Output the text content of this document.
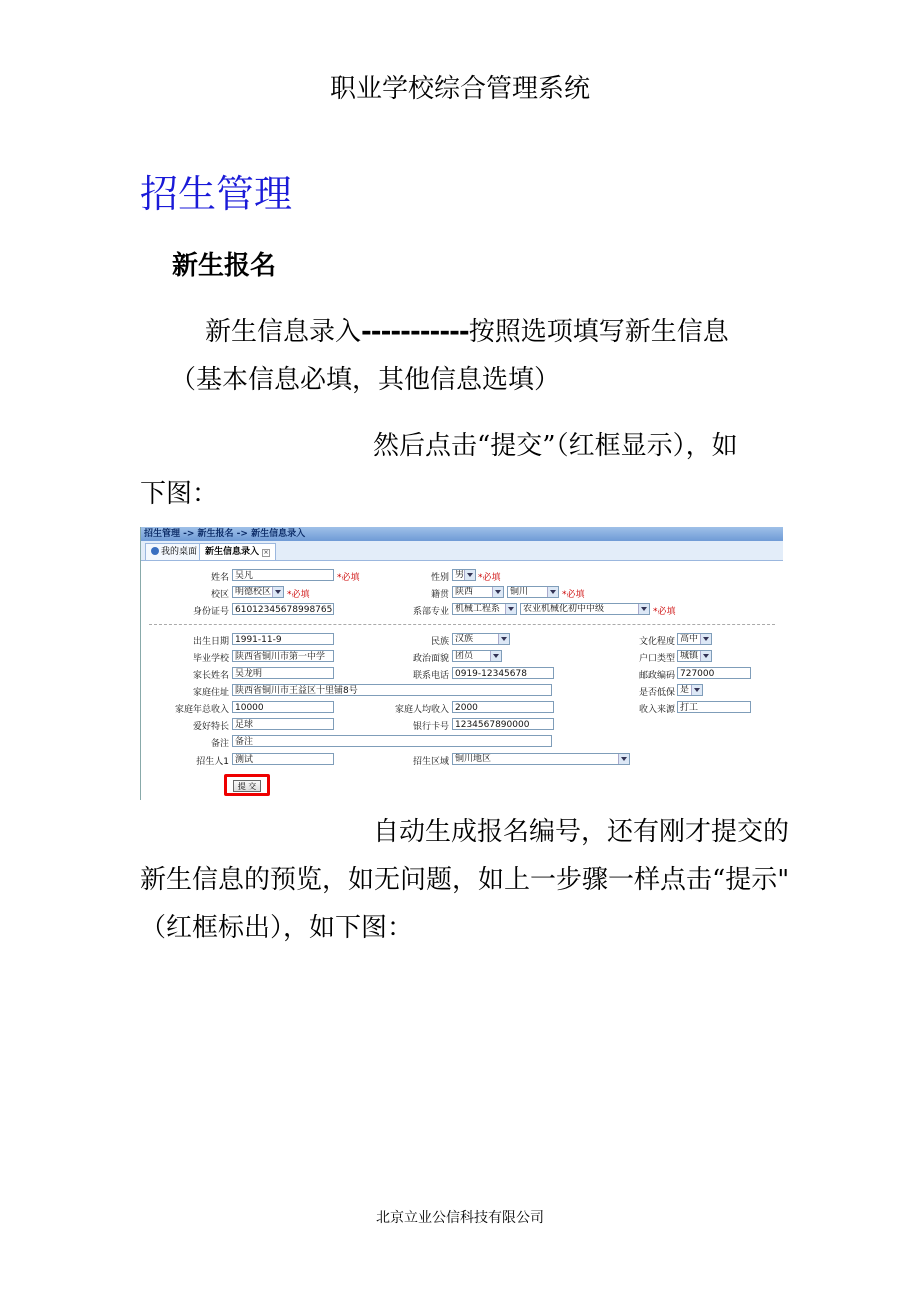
职业学校综合管理系统
招生管理
新生报名
新生信息录入-----------按照选项填写新生信息
（基本信息必填，其他信息选填）
然后点击“提交”（红框显示），如
下图：
招生管理 -> 新生报名 -> 新生信息录入
我的桌面 新生信息录入 ×
姓名 吴凡	*必填	性别 男	*必填
校区 明德校区	*必填	籍贯 陕西	铜川	*必填
身份证号 61012345678998765	系部专业 机械工程系	农业机械化初中中级	*必填
出生日期 1991-11-9	民族 汉族	文化程度 高中
毕业学校 陕西省铜川市第一中学	政治面貌 团员	户口类型 城镇
家长姓名 吴龙明	联系电话 0919-12345678	邮政编码 727000
家庭住址 陕西省铜川市王益区十里铺8号	是否低保 是
家庭年总收入 10000	家庭人均收入 2000	收入来源 打工
爱好特长 足球	银行卡号 1234567890000
备注 备注
招生人1 测试	招生区域 铜川地区
提 交
自动生成报名编号，还有刚才提交的
新生信息的预览，如无问题，如上一步骤一样点击“提示"
（红框标出），如下图：
北京立业公信科技有限公司
